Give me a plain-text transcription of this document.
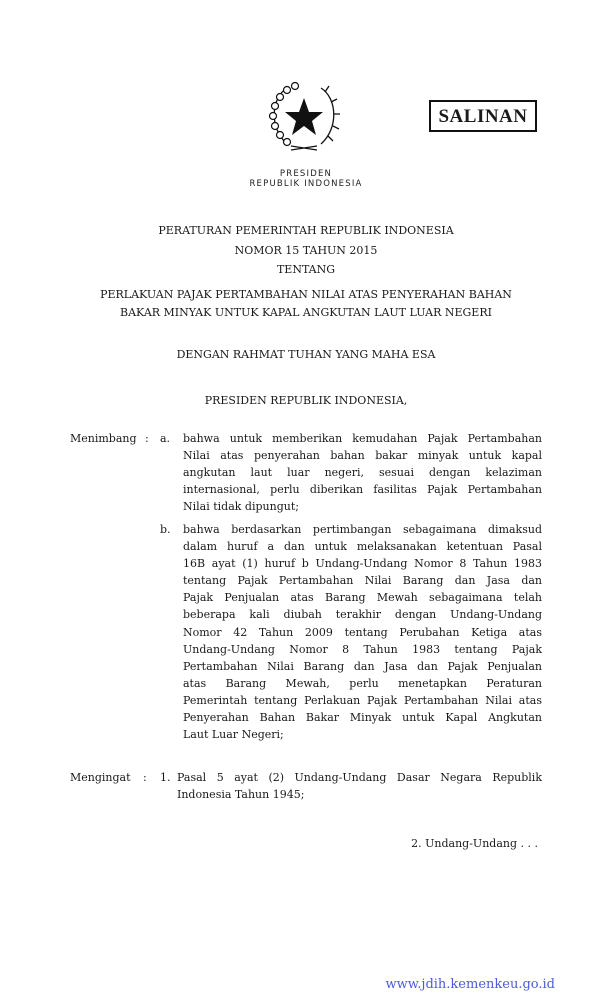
SALINAN
PRESIDEN
REPUBLIK INDONESIA
PERATURAN PEMERINTAH REPUBLIK INDONESIA
NOMOR 15 TAHUN 2015
TENTANG
PERLAKUAN PAJAK PERTAMBAHAN NILAI ATAS PENYERAHAN BAHAN
BAKAR MINYAK UNTUK KAPAL ANGKUTAN LAUT LUAR NEGERI
DENGAN RAHMAT TUHAN YANG MAHA ESA
PRESIDEN REPUBLIK INDONESIA,
Menimbang : a. bahwa untuk memberikan kemudahan Pajak Pertambahan
Nilai atas penyerahan bahan bakar minyak untuk kapal
angkutan laut luar negeri, sesuai dengan kelaziman
internasional, perlu diberikan fasilitas Pajak Pertambahan
Nilai tidak dipungut;
b. bahwa berdasarkan pertimbangan sebagaimana dimaksud
dalam huruf a dan untuk melaksanakan ketentuan Pasal
16B ayat (1) huruf b Undang-Undang Nomor 8 Tahun 1983
tentang Pajak Pertambahan Nilai Barang dan Jasa dan
Pajak Penjualan atas Barang Mewah sebagaimana telah
beberapa kali diubah terakhir dengan Undang-Undang
Nomor 42 Tahun 2009 tentang Perubahan Ketiga atas
Undang-Undang Nomor 8 Tahun 1983 tentang Pajak
Pertambahan Nilai Barang dan Jasa dan Pajak Penjualan
atas Barang Mewah, perlu menetapkan Peraturan
Pemerintah tentang Perlakuan Pajak Pertambahan Nilai atas
Penyerahan Bahan Bakar Minyak untuk Kapal Angkutan
Laut Luar Negeri;
Mengingat : 1. Pasal 5 ayat (2) Undang-Undang Dasar Negara Republik
Indonesia Tahun 1945;
2. Undang-Undang . . .
www.jdih.kemenkeu.go.id
